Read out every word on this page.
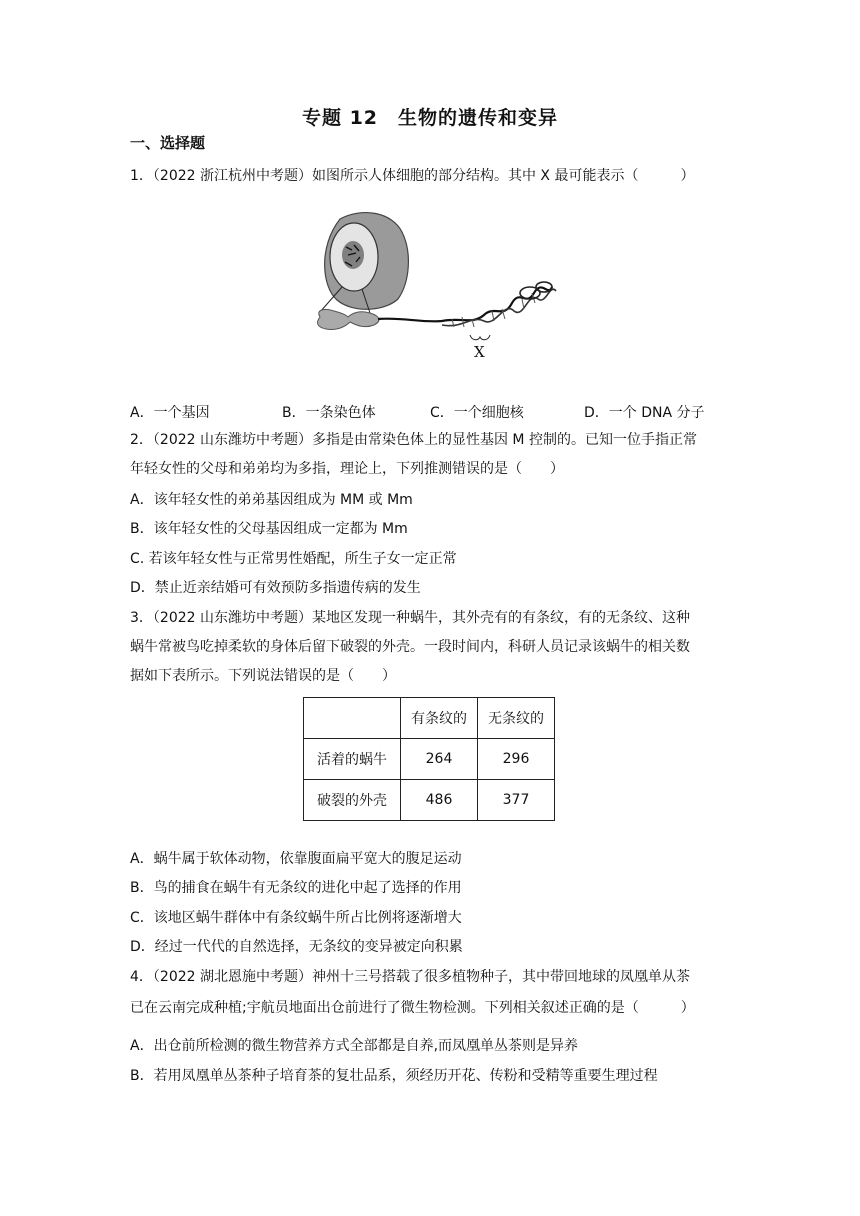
专题 12　生物的遗传和变异
一、选择题
1．（2022 浙江杭州中考题）如图所示人体细胞的部分结构。其中 X 最可能表示（　　　）
X
A．一个基因	B．一条染色体	C．一个细胞核	D．一个 DNA 分子
2．（2022 山东潍坊中考题）多指是由常染色体上的显性基因 M 控制的。已知一位手指正常
年轻女性的父母和弟弟均为多指，理论上，下列推测错误的是（　　）
A．该年轻女性的弟弟基因组成为 MM 或 Mm
B．该年轻女性的父母基因组成一定都为 Mm
C. 若该年轻女性与正常男性婚配，所生子女一定正常
D．禁止近亲结婚可有效预防多指遗传病的发生
3．（2022 山东潍坊中考题）某地区发现一种蜗牛，其外壳有的有条纹，有的无条纹、这种
蜗牛常被鸟吃掉柔软的身体后留下破裂的外壳。一段时间内，科研人员记录该蜗牛的相关数
据如下表所示。下列说法错误的是（　　）
	有条纹的	无条纹的
活着的蜗牛	264	296
破裂的外壳	486	377
A．蜗牛属于软体动物，依靠腹面扁平宽大的腹足运动
B．鸟的捕食在蜗牛有无条纹的进化中起了选择的作用
C．该地区蜗牛群体中有条纹蜗牛所占比例将逐渐增大
D．经过一代代的自然选择，无条纹的变异被定向积累
4．（2022 湖北恩施中考题）神州十三号搭载了很多植物种子，其中带回地球的凤凰单从茶
已在云南完成种植;宇航员地面出仓前进行了微生物检测。下列相关叙述正确的是（　　　）
A．出仓前所检测的微生物营养方式全部都是自养,而凤凰单丛茶则是异养
B．若用凤凰单丛茶种子培育茶的复壮品系，须经历开花、传粉和受精等重要生理过程
